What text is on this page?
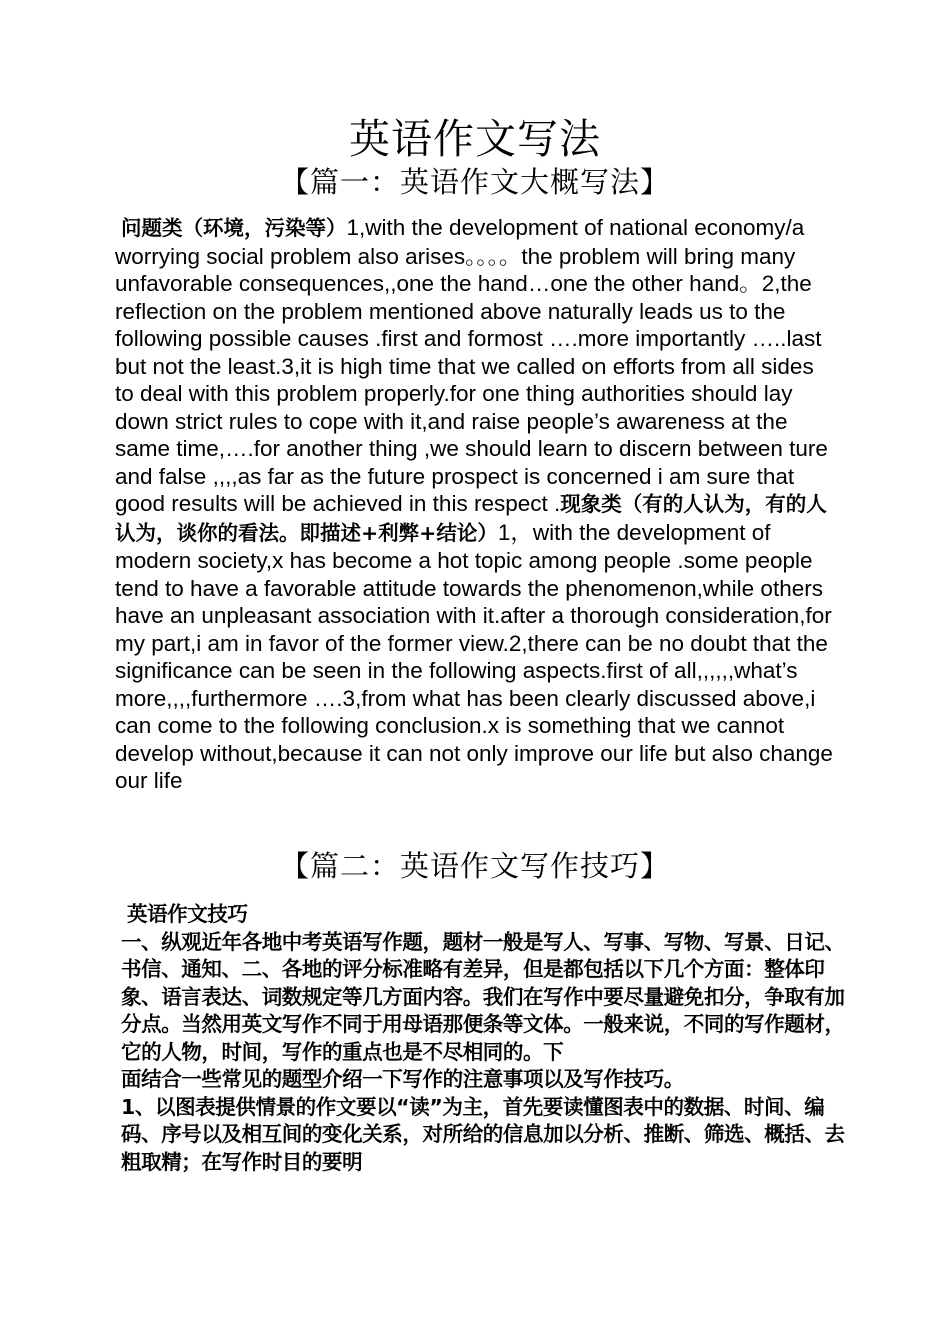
英语作文写法
【篇一：英语作文大概写法】

问题类（环境，污染等）1,with the development of national economy/a worrying social problem also arises。。。。the problem will bring many unfavorable consequences,,one the hand…one the other hand。2,the reflection on the problem mentioned above naturally leads us to the following possible causes .first and formost ….more importantly …..last but not the least.3,it is high time that we called on efforts from all sides to deal with this problem properly.for one thing authorities should lay down strict rules to cope with it,and raise people’s awareness at the same time,….for another thing ,we should learn to discern between ture and false ,,,,as far as the future prospect is concerned i am sure that good results will be achieved in this respect .现象类（有的人认为，有的人认为，谈你的看法。即描述+利弊+结论）1，with the development of modern society,x has become a hot topic among people .some people tend to have a favorable attitude towards the phenomenon,while others have an unpleasant association with it.after a thorough consideration,for my part,i am in favor of the former view.2,there can be no doubt that the significance can be seen in the following aspects.first of all,,,,,,what’s more,,,,furthermore ….3,from what has been clearly discussed above,i can come to the following conclusion.x is something that we cannot develop without,because it can not only improve our life but also change our life

【篇二：英语作文写作技巧】

英语作文技巧

一、纵观近年各地中考英语写作题，题材一般是写人、写事、写物、写景、日记、书信、通知、二、各地的评分标准略有差异，但是都包括以下几个方面：整体印象、语言表达、词数规定等几方面内容。我们在写作中要尽量避免扣分，争取有加分点。当然用英文写作不同于用母语那便条等文体。一般来说，不同的写作题材，它的人物，时间，写作的重点也是不尽相同的。下

面结合一些常见的题型介绍一下写作的注意事项以及写作技巧。

1、以图表提供情景的作文要以“读”为主，首先要读懂图表中的数据、时间、编码、序号以及相互间的变化关系，对所给的信息加以分析、推断、筛选、概括、去粗取精；在写作时目的要明
